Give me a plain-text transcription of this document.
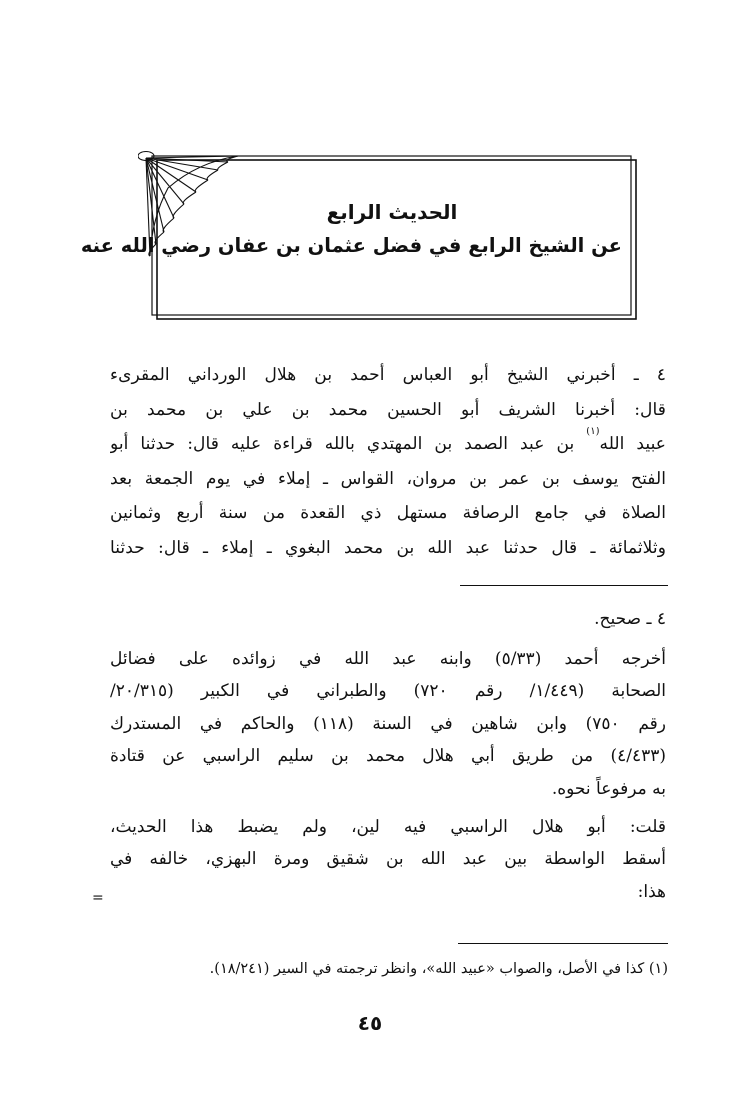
الحديث الرابع
عن الشيخ الرابع في فضل عثمان بن عفان رضي الله عنه
٤ ـ أخبرني الشيخ أبو العباس أحمد بن هلال الورداني المقرىء
قال: أخبرنا الشريف أبو الحسين محمد بن علي بن محمد بن
عبيد الله$^{(١)}$ بن عبد الصمد بن المهتدي بالله قراءة عليه قال: حدثنا أبو
الفتح يوسف بن عمر بن مروان، القواس ـ إملاء في يوم الجمعة بعد
الصلاة في جامع الرصافة مستهل ذي القعدة من سنة أربع وثمانين
وثلاثمائة ـ قال حدثنا عبد الله بن محمد البغوي ـ إملاء ـ قال: حدثنا
٤ ـ صحيح.
أخرجه أحمد (٥/٣٣) وابنه عبد الله في زوائده على فضائل
الصحابة (١/٤٤٩/ رقم ٧٢٠) والطبراني في الكبير (٢٠/٣١٥/
رقم ٧٥٠) وابن شاهين في السنة (١١٨) والحاكم في المستدرك
(٤/٤٣٣) من طريق أبي هلال محمد بن سليم الراسبي عن قتادة
به مرفوعاً نحوه.
قلت: أبو هلال الراسبي فيه لين، ولم يضبط هذا الحديث،
أسقط الواسطة بين عبد الله بن شقيق ومرة البهزي، خالفه في
هذا:
=
(١) كذا في الأصل، والصواب «عبيد الله»، وانظر ترجمته في السير (١٨/٢٤١).
٤٥
